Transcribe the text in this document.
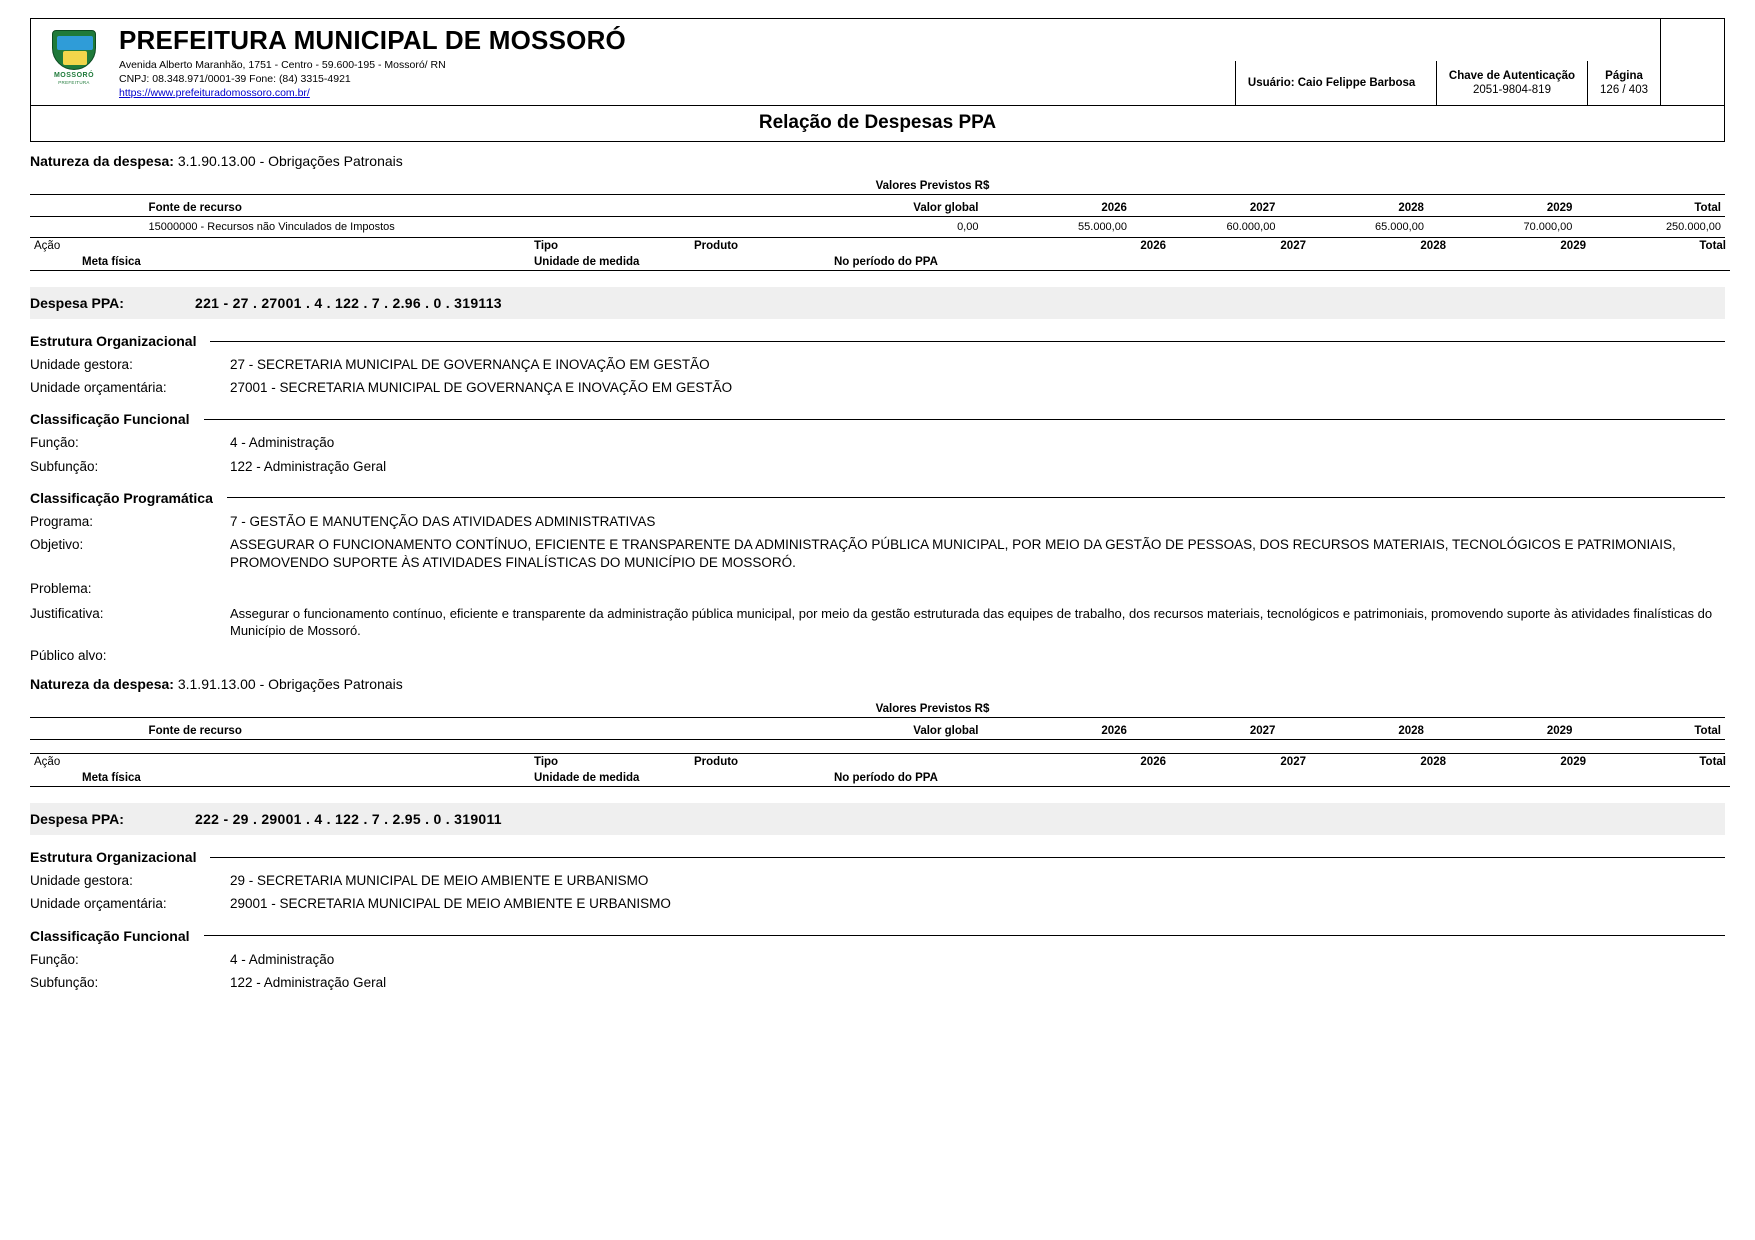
MOSSORÓ
PREFEITURA
PREFEITURA MUNICIPAL DE MOSSORÓ
Avenida Alberto Maranhão, 1751 - Centro - 59.600-195 - Mossoró/ RN
CNPJ: 08.348.971/0001-39 Fone: (84) 3315-4921
https://www.prefeituradomossoro.com.br/
Usuário: Caio Felippe Barbosa
Chave de Autenticação
2051-9804-819
Página
126 / 403
Relação de Despesas PPA
Natureza da despesa: 3.1.90.13.00 - Obrigações Patronais
Valores Previstos R$
	Fonte de recurso	Valor global	2026	2027	2028	2029	Total
	15000000 - Recursos não Vinculados de Impostos	0,00	55.000,00	60.000,00	65.000,00	70.000,00	250.000,00
Ação	Tipo	Produto		2026	2027	2028	2029	Total
Meta física	Unidade de medida		No período do PPA					
Despesa PPA:	221 - 27 . 27001 . 4 . 122 . 7 . 2.96 . 0 . 319113
Estrutura Organizacional
Unidade gestora:	27 - SECRETARIA MUNICIPAL DE GOVERNANÇA E INOVAÇÃO EM GESTÃO
Unidade orçamentária:	27001 - SECRETARIA MUNICIPAL DE GOVERNANÇA E INOVAÇÃO EM GESTÃO
Classificação Funcional
Função:	4 - Administração
Subfunção:	122 - Administração Geral
Classificação Programática
Programa:	7 - GESTÃO E MANUTENÇÃO DAS ATIVIDADES ADMINISTRATIVAS
Objetivo:	ASSEGURAR O FUNCIONAMENTO CONTÍNUO, EFICIENTE E TRANSPARENTE DA ADMINISTRAÇÃO PÚBLICA MUNICIPAL, POR MEIO DA GESTÃO DE PESSOAS, DOS RECURSOS MATERIAIS, TECNOLÓGICOS E PATRIMONIAIS, PROMOVENDO SUPORTE ÀS ATIVIDADES FINALÍSTICAS DO MUNICÍPIO DE MOSSORÓ.
Problema:
Justificativa:	Assegurar o funcionamento contínuo, eficiente e transparente da administração pública municipal, por meio da gestão estruturada das equipes de trabalho, dos recursos materiais, tecnológicos e patrimoniais, promovendo suporte às atividades finalísticas do Município de Mossoró.
Público alvo:
Natureza da despesa: 3.1.91.13.00 - Obrigações Patronais
Valores Previstos R$
	Fonte de recurso	Valor global	2026	2027	2028	2029	Total

Ação	Tipo	Produto		2026	2027	2028	2029	Total
Meta física	Unidade de medida		No período do PPA					
Despesa PPA:	222 - 29 . 29001 . 4 . 122 . 7 . 2.95 . 0 . 319011
Estrutura Organizacional
Unidade gestora:	29 - SECRETARIA MUNICIPAL DE MEIO AMBIENTE E URBANISMO
Unidade orçamentária:	29001 - SECRETARIA MUNICIPAL DE MEIO AMBIENTE E URBANISMO
Classificação Funcional
Função:	4 - Administração
Subfunção:	122 - Administração Geral
